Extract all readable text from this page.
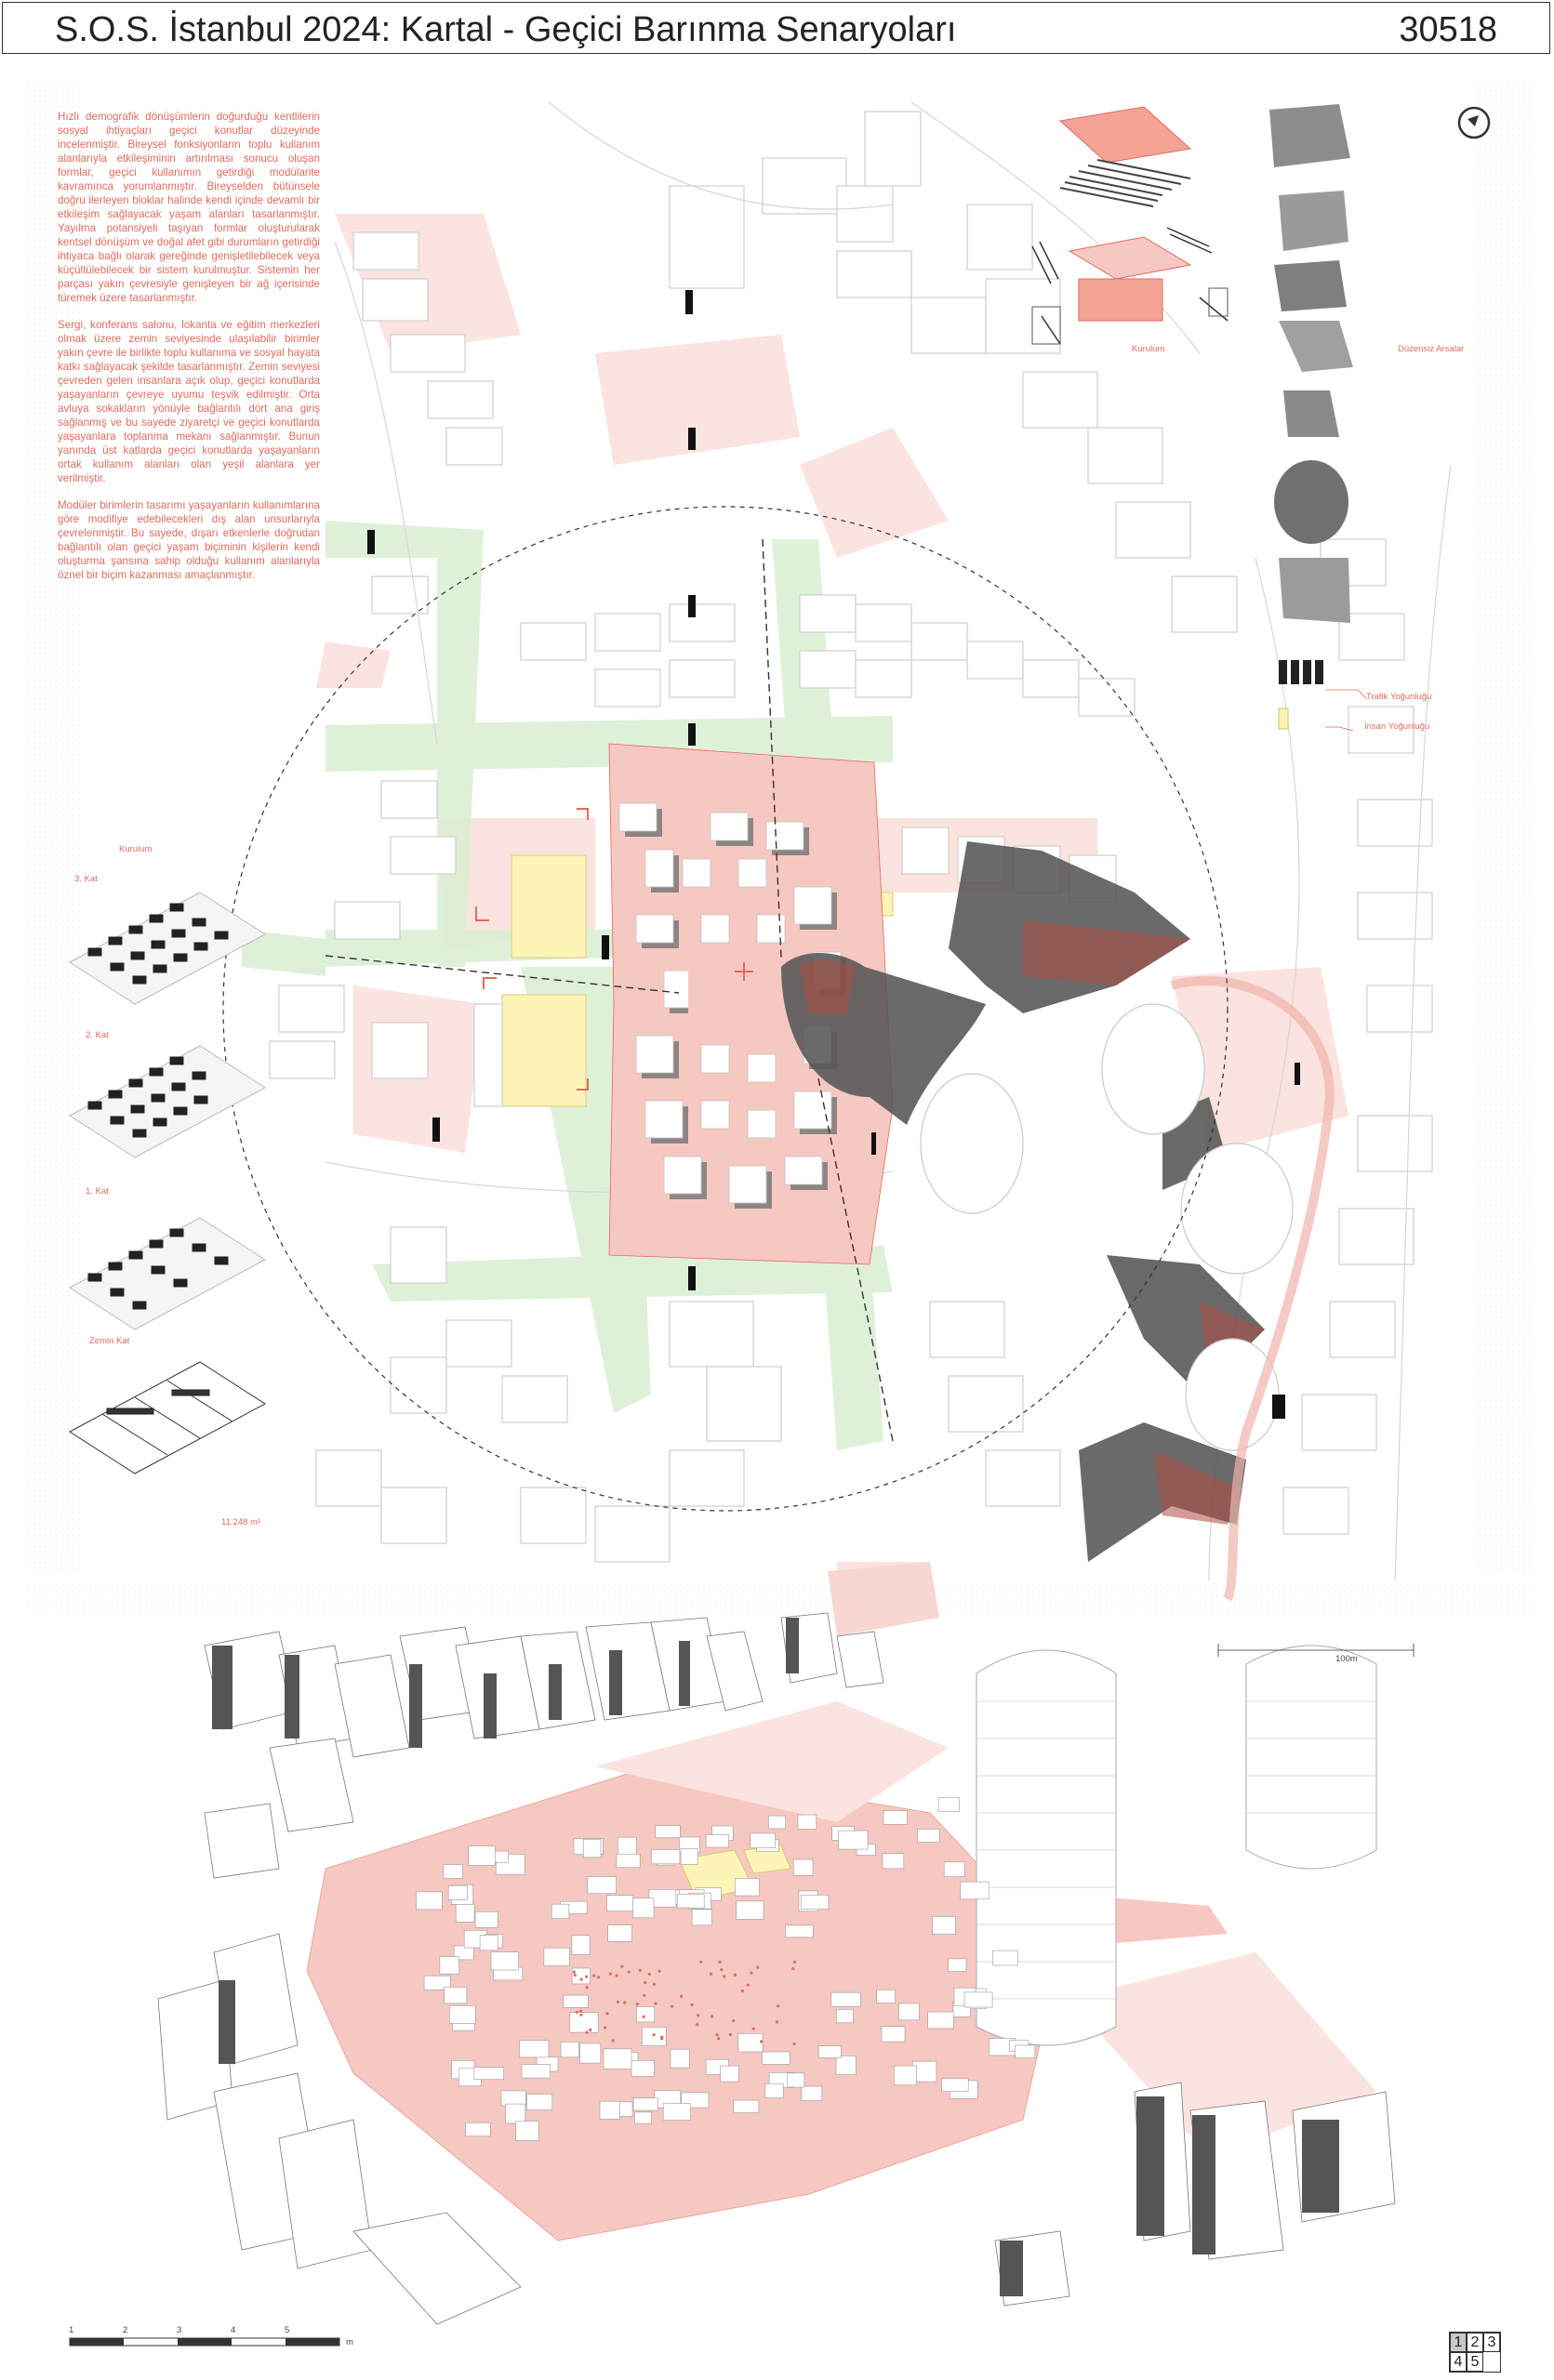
S.O.S. İstanbul 2024: Kartal - Geçici Barınma Senaryoları	30518

Hızlı demografik dönüşümlerin doğurduğu kentlilerin sosyal ihtiyaçları geçici konutlar düzeyinde incelenmiştir. Bireysel fonksiyonların toplu kullanım alanlarıyla etkileşiminin artırılması sonucu oluşan formlar, geçici kullanımın getirdiği modülarite kavramınca yorumlanmıştır. Bireyselden bütünsele doğru ilerleyen bloklar halinde kendi içinde devamlı bir etkileşim sağlayacak yaşam alanları tasarlanmıştır. Yayılma potansiyeli taşıyan formlar oluşturularak kentsel dönüşüm ve doğal afet gibi durumların getirdiği ihtiyaca bağlı olarak gereğinde genişletilebilecek veya küçültülebilecek bir sistem kurulmuştur. Sistemin her parçası yakın çevresiyle genişleyen bir ağ içerisinde türemek üzere tasarlanmıştır.

Sergi, konferans salonu, lokanta ve eğitim merkezleri olmak üzere zemin seviyesinde ulaşılabilir birimler yakın çevre ile birlikte toplu kullanıma ve sosyal hayata katkı sağlayacak şekilde tasarlanmıştır. Zemin seviyesi çevreden gelen insanlara açık olup, geçici konutlarda yaşayanların çevreye uyumu teşvik edilmiştir. Orta avluya sokakların yönüyle bağlantılı dört ana giriş sağlanmış ve bu sayede ziyaretçi ve geçici konutlarda yaşayanlara toplanma mekanı sağlanmıştır. Bunun yanında üst katlarda geçici konutlarda yaşayanların ortak kullanım alanları olan yeşil alanlara yer verilmiştir.

Modüler birimlerin tasarımı yaşayanların kullanımlarına göre modifiye edebilecekleri dış alan unsurlarıyla çevrelenmiştir. Bu sayede, dışarı etkenlerle doğrudan bağlantılı olan geçici yaşam biçiminin kişilerin kendi oluşturma şansına sahip olduğu kullanım alanlarıyla öznel bir biçim kazanması amaçlanmıştır.

Kurulum
3. Kat
2. Kat
1. Kat
Zemin Kat
11.248 m²
Kurulum	Düzensiz Arsalar
Trafik Yoğunluğu
İnsan Yoğunluğu
100m
1	2	3	4	5
m	1 2 3
4 5
